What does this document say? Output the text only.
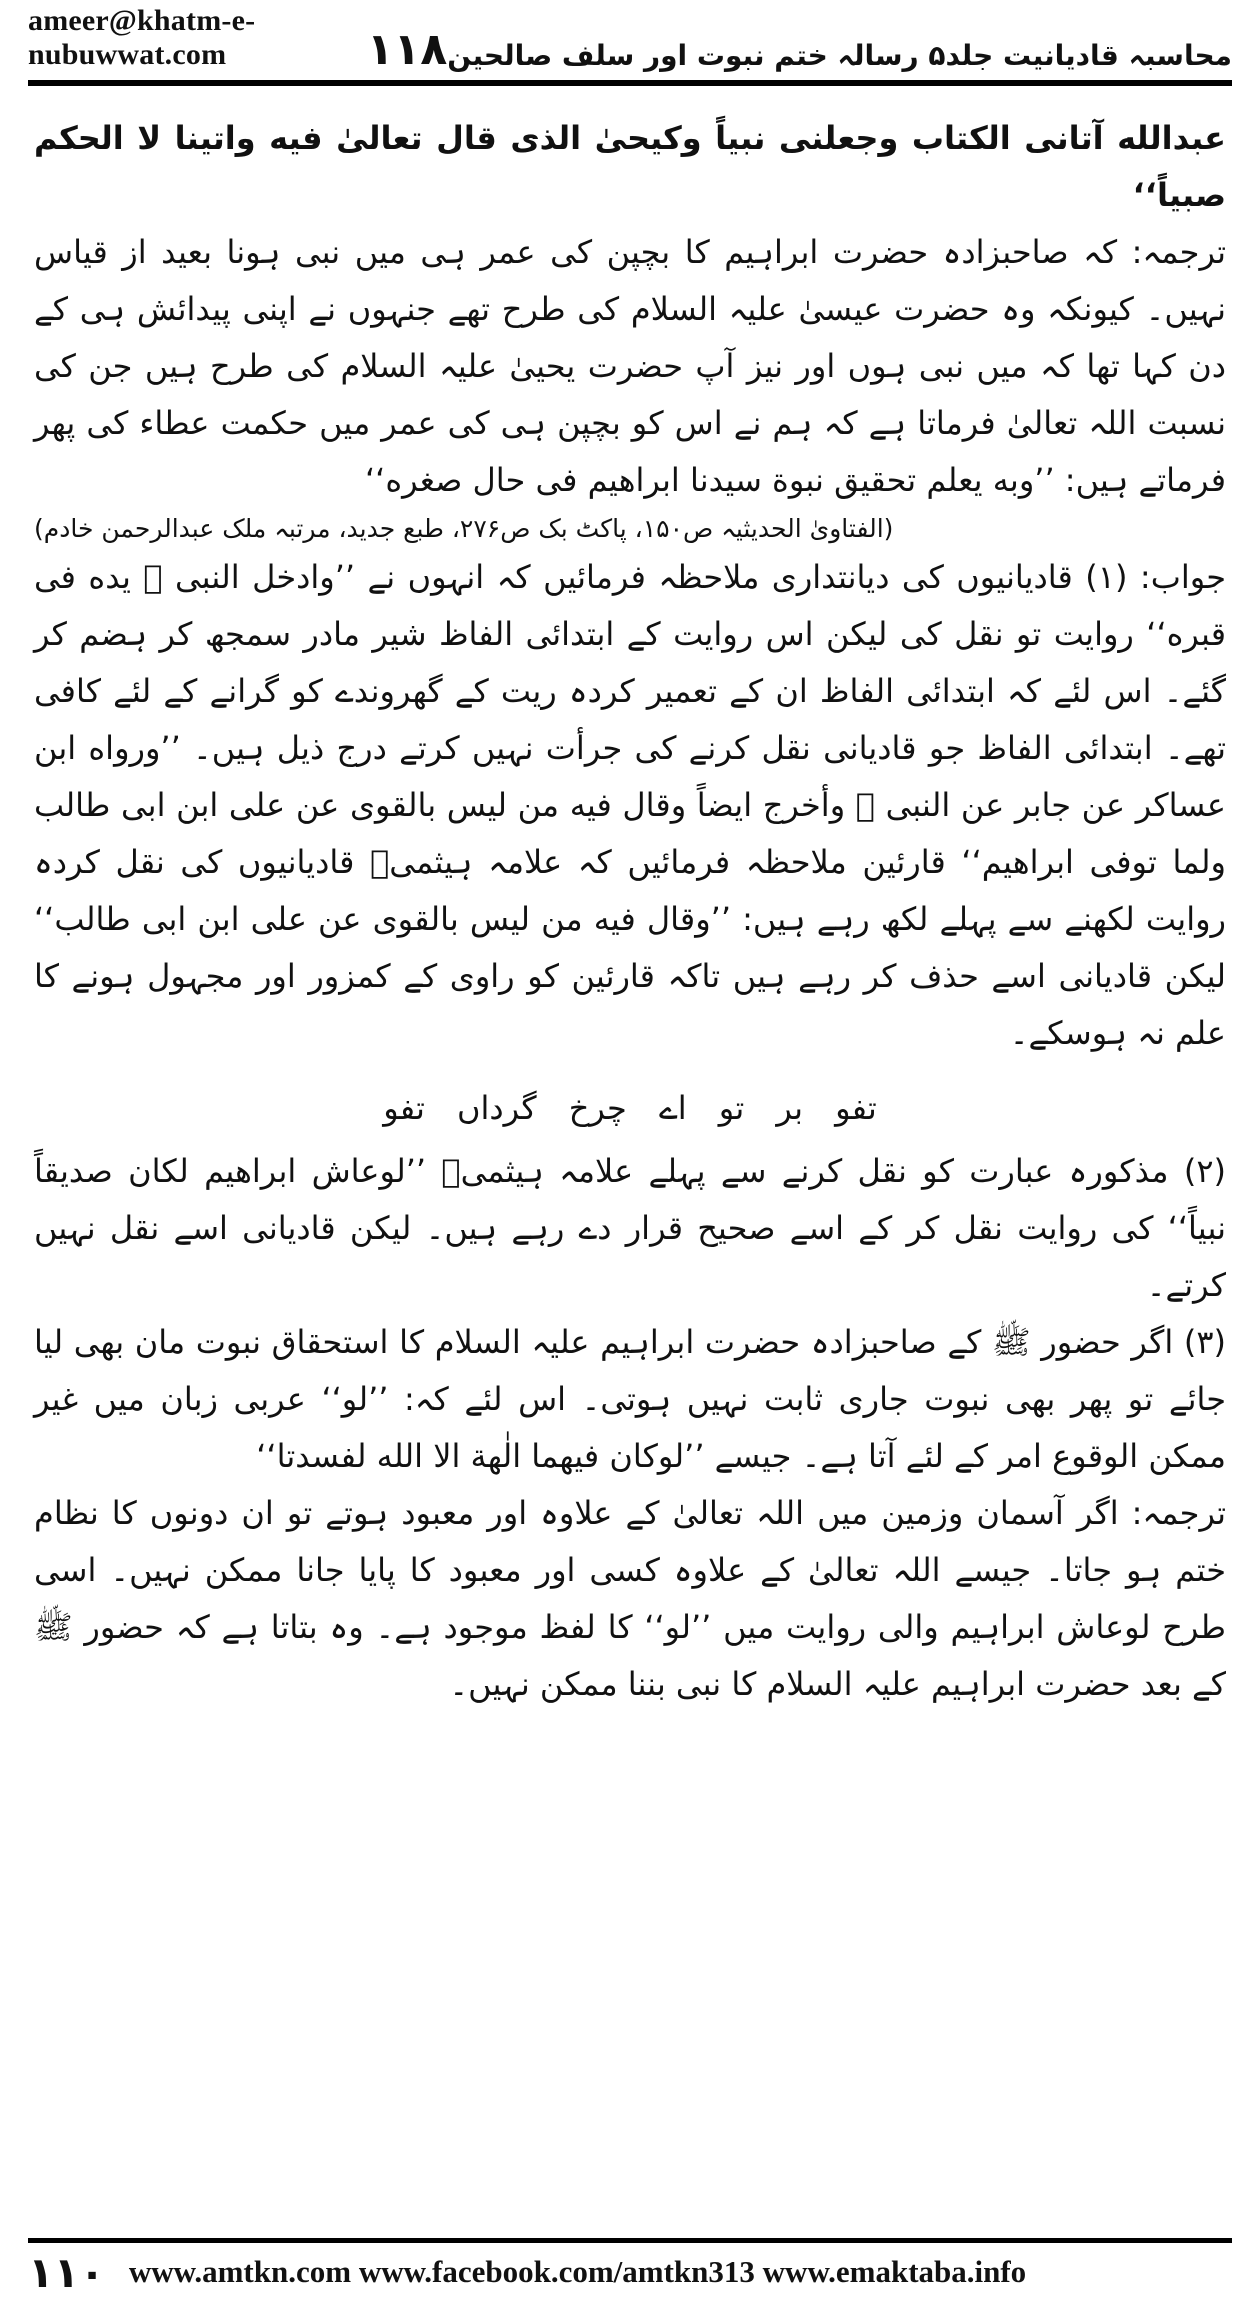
ameer@khatm-e-nubuwwat.com	۱۱۸ محاسبہ قادیانیت جلد۵ رسالہ ختم نبوت اور سلف صالحین

عبدالله آتانی الکتاب وجعلنی نبیاً وکیحیٰ الذی قال تعالیٰ فیه واتینا لا الحکم صبیاً‘‘

ترجمہ: کہ صاحبزادہ حضرت ابراہیم کا بچپن کی عمر ہی میں نبی ہونا بعید از قیاس نہیں۔ کیونکہ وہ حضرت عیسیٰ علیہ السلام کی طرح تھے جنہوں نے اپنی پیدائش ہی کے دن کہا تھا کہ میں نبی ہوں اور نیز آپ حضرت یحییٰ علیہ السلام کی طرح ہیں جن کی نسبت اللہ تعالیٰ فرماتا ہے کہ ہم نے اس کو بچپن ہی کی عمر میں حکمت عطاء کی پھر فرماتے ہیں: ’’وبه یعلم تحقیق نبوة سیدنا ابراهیم فی حال صغره‘‘

(الفتاویٰ الحدیثیہ ص۱۵۰، پاکٹ بک ص۲۷۶، طبع جدید، مرتبہ ملک عبدالرحمن خادم)

جواب: (۱) قادیانیوں کی دیانتداری ملاحظہ فرمائیں کہ انہوں نے ’’وادخل النبی ﷺ یده فی قبره‘‘ روایت تو نقل کی لیکن اس روایت کے ابتدائی الفاظ شیر مادر سمجھ کر ہضم کر گئے۔ اس لئے کہ ابتدائی الفاظ ان کے تعمیر کردہ ریت کے گھروندے کو گرانے کے لئے کافی تھے۔ ابتدائی الفاظ جو قادیانی نقل کرنے کی جرأت نہیں کرتے درج ذیل ہیں۔ ’’ورواه ابن عساکر عن جابر عن النبی ﷺ وأخرج ایضاً وقال فیه من لیس بالقوی عن علی ابن ابی طالب ولما توفی ابراهیم‘‘ قارئین ملاحظہ فرمائیں کہ علامہ ہیثمیؒ قادیانیوں کی نقل کردہ روایت لکھنے سے پہلے لکھ رہے ہیں: ’’وقال فیه من لیس بالقوی عن علی ابن ابی طالب‘‘ لیکن قادیانی اسے حذف کر رہے ہیں تاکہ قارئین کو راوی کے کمزور اور مجہول ہونے کا علم نہ ہوسکے۔

تفو بر تو اے چرخ گرداں تفو

(۲) مذکورہ عبارت کو نقل کرنے سے پہلے علامہ ہیثمیؒ ’’لوعاش ابراهیم لکان صدیقاً نبیاً‘‘ کی روایت نقل کر کے اسے صحیح قرار دے رہے ہیں۔ لیکن قادیانی اسے نقل نہیں کرتے۔

(۳) اگر حضور ﷺ کے صاحبزادہ حضرت ابراہیم علیہ السلام کا استحقاق نبوت مان بھی لیا جائے تو پھر بھی نبوت جاری ثابت نہیں ہوتی۔ اس لئے کہ: ’’لو‘‘ عربی زبان میں غیر ممکن الوقوع امر کے لئے آتا ہے۔ جیسے ’’لوکان فیهما الٰهة الا الله لفسدتا‘‘

ترجمہ: اگر آسمان وزمین میں اللہ تعالیٰ کے علاوہ اور معبود ہوتے تو ان دونوں کا نظام ختم ہو جاتا۔ جیسے اللہ تعالیٰ کے علاوہ کسی اور معبود کا پایا جانا ممکن نہیں۔ اسی طرح لوعاش ابراہیم والی روایت میں ’’لو‘‘ کا لفظ موجود ہے۔ وہ بتاتا ہے کہ حضور ﷺ کے بعد حضرت ابراہیم علیہ السلام کا نبی بننا ممکن نہیں۔

۱۱۰ www.amtkn.com www.facebook.com/amtkn313 www.emaktaba.info
